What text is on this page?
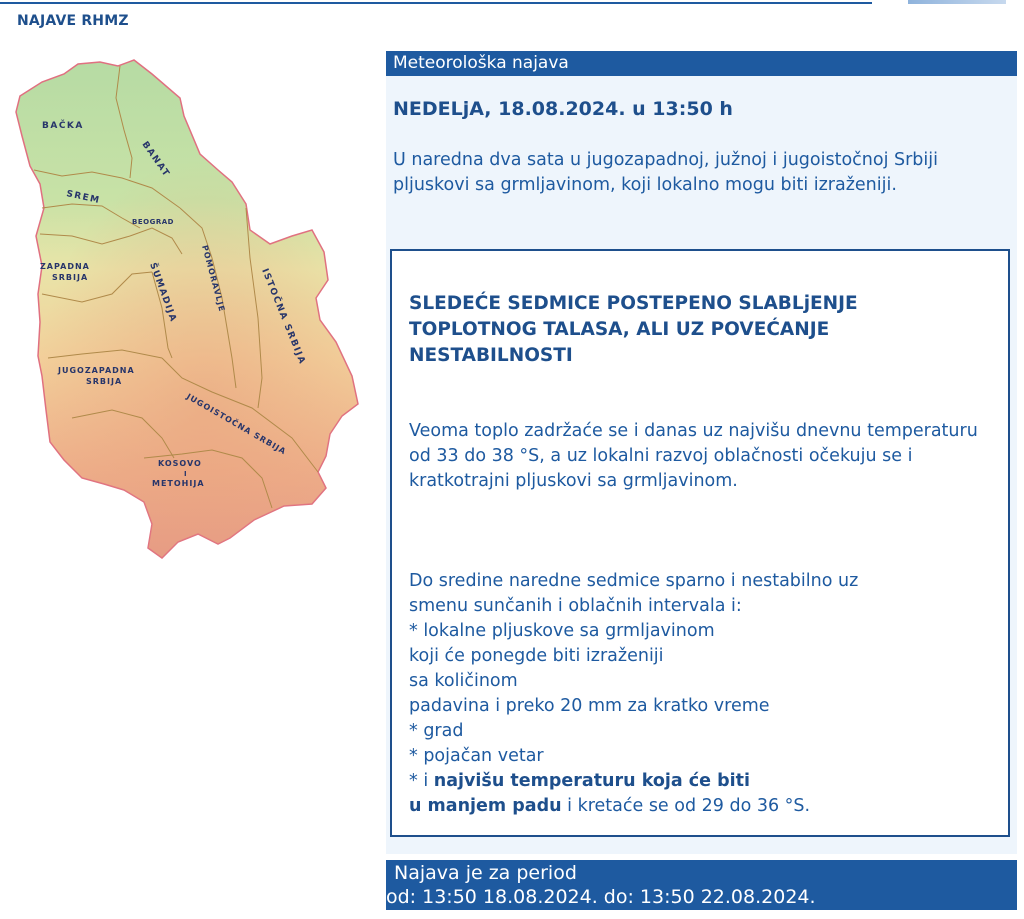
NAJAVE RHMZ
BAČKA
BANAT
SREM
BEOGRAD
ZAPADNA
SRBIJA	ŠUMADIJA	POMORAVLJE	ISTOČNA SRBIJA
JUGOZAPADNA
SRBIJA
JUGOISTOČNA SRBIJA
KOSOVO
I
METOHIJA
Meteorološka najava
NEDELjA, 18.08.2024. u 13:50 h
U naredna dva sata u jugozapadnoj, južnoj i jugoistočnoj Srbiji pljuskovi sa grmljavinom, koji lokalno mogu biti izraženiji.
SLEDEĆE SEDMICE POSTEPENO SLABLjENJE TOPLOTNOG TALASA, ALI UZ POVEĆANJE NESTABILNOSTI
Veoma toplo zadržaće se i danas uz najvišu dnevnu temperaturu od 33 do 38 °S, a uz lokalni razvoj oblačnosti očekuju se i kratkotrajni pljuskovi sa grmljavinom.
Do sredine naredne sedmice sparno i nestabilno uz
smenu sunčanih i oblačnih intervala i:
* lokalne pljuskove sa grmljavinom
koji će ponegde biti izraženiji
sa količinom
padavina i preko 20 mm za kratko vreme
* grad
* pojačan vetar
* i najvišu temperaturu koja će biti
u manjem padu i kretaće se od 29 do 36 °S.
Najava je za period
od: 13:50 18.08.2024. do: 13:50 22.08.2024.
